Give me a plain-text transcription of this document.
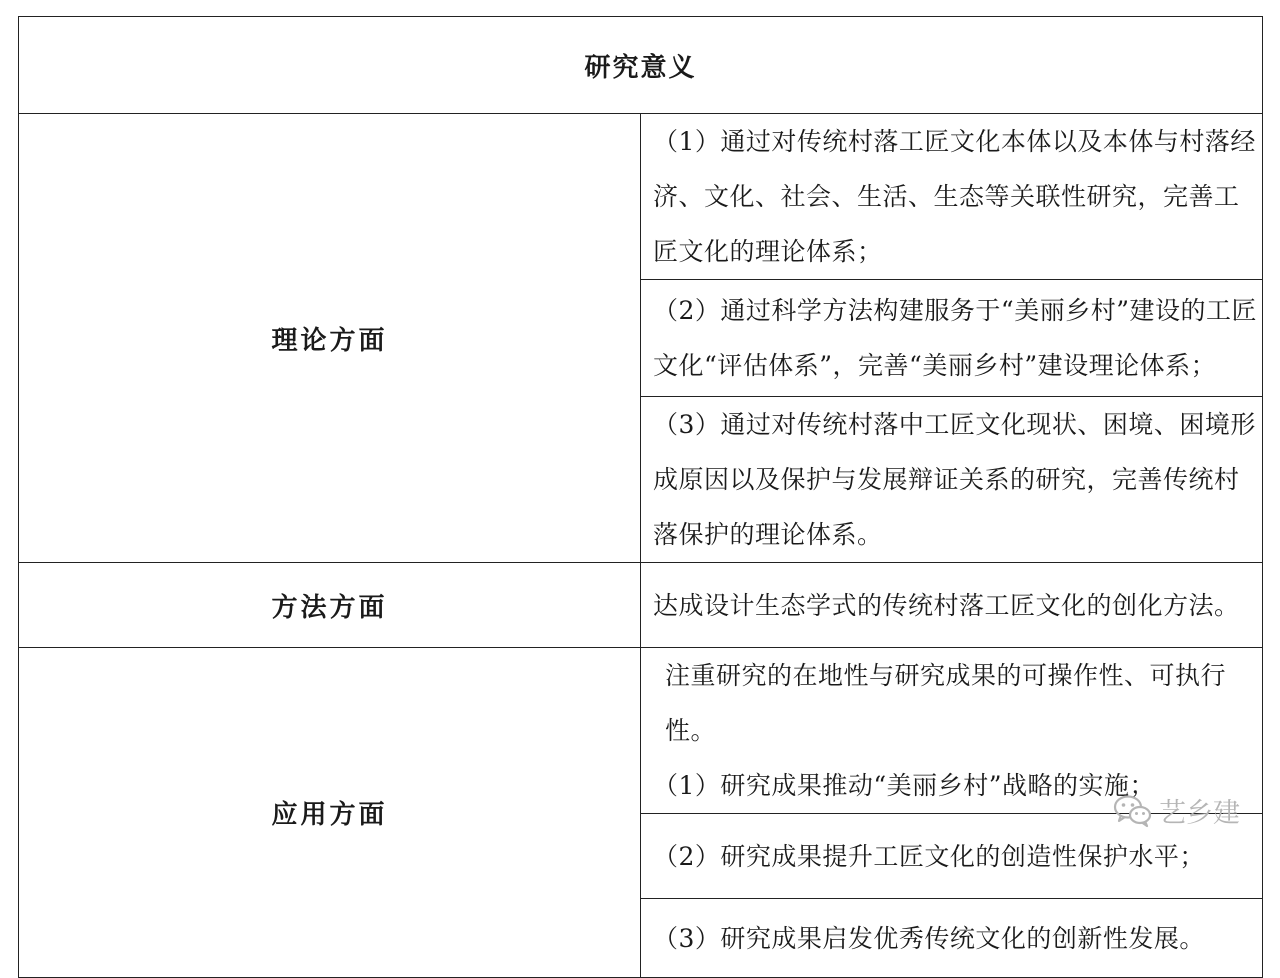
研究意义	
理论方面	（1）通过对传统村落工匠文化本体以及本体与村落经济、文化、社会、生活、生态等关联性研究，完善工匠文化的理论体系；
	（2）通过科学方法构建服务于“美丽乡村”建设的工匠文化“评估体系”，完善“美丽乡村”建设理论体系；
	（3）通过对传统村落中工匠文化现状、困境、困境形成原因以及保护与发展辩证关系的研究，完善传统村落保护的理论体系。
方法方面	达成设计生态学式的传统村落工匠文化的创化方法。
应用方面	注重研究的在地性与研究成果的可操作性、可执行性。

（1）研究成果推动“美丽乡村”战略的实施；

	（2）研究成果提升工匠文化的创造性保护水平；
	（3）研究成果启发优秀传统文化的创新性发展。
艺乡建
